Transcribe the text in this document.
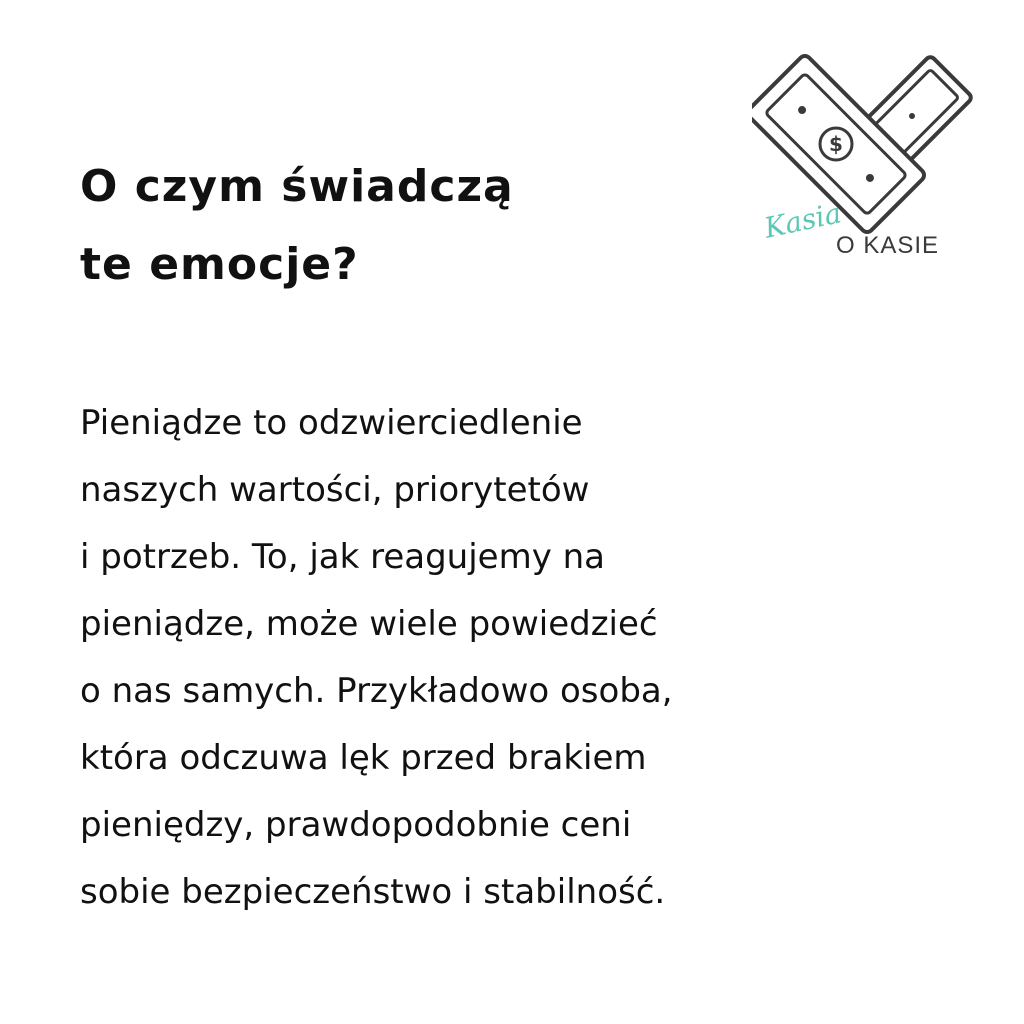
$
Kasia
O KASIE
O czym świadczą
te emocje?
Pieniądze to odzwierciedlenie
naszych wartości, priorytetów
i potrzeb. To, jak reagujemy na
pieniądze, może wiele powiedzieć
o nas samych. Przykładowo osoba,
która odczuwa lęk przed brakiem
pieniędzy, prawdopodobnie ceni
sobie bezpieczeństwo i stabilność.
